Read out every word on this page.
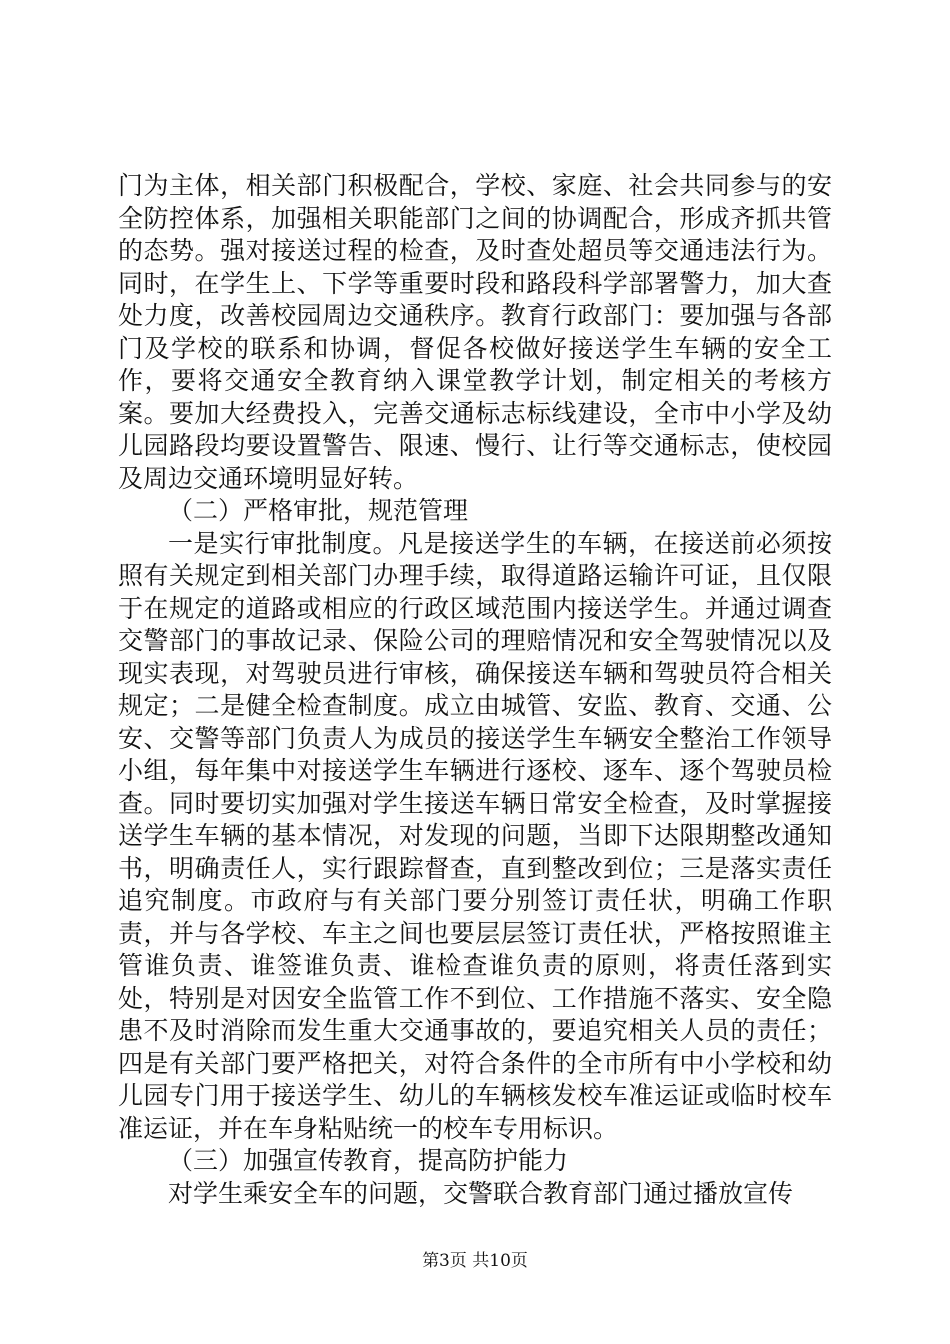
门为主体，相关部门积极配合，学校、家庭、社会共同参与的安全防控体系，加强相关职能部门之间的协调配合，形成齐抓共管的态势。强对接送过程的检查，及时查处超员等交通违法行为。同时，在学生上、下学等重要时段和路段科学部署警力，加大查处力度，改善校园周边交通秩序。教育行政部门：要加强与各部门及学校的联系和协调，督促各校做好接送学生车辆的安全工作，要将交通安全教育纳入课堂教学计划，制定相关的考核方案。要加大经费投入，完善交通标志标线建设，全市中小学及幼儿园路段均要设置警告、限速、慢行、让行等交通标志，使校园及周边交通环境明显好转。

（二）严格审批，规范管理

一是实行审批制度。凡是接送学生的车辆，在接送前必须按照有关规定到相关部门办理手续，取得道路运输许可证，且仅限于在规定的道路或相应的行政区域范围内接送学生。并通过调查交警部门的事故记录、保险公司的理赔情况和安全驾驶情况以及现实表现，对驾驶员进行审核，确保接送车辆和驾驶员符合相关规定；二是健全检查制度。成立由城管、安监、教育、交通、公安、交警等部门负责人为成员的接送学生车辆安全整治工作领导小组，每年集中对接送学生车辆进行逐校、逐车、逐个驾驶员检查。同时要切实加强对学生接送车辆日常安全检查，及时掌握接送学生车辆的基本情况，对发现的问题，当即下达限期整改通知书，明确责任人，实行跟踪督查，直到整改到位；三是落实责任追究制度。市政府与有关部门要分别签订责任状，明确工作职责，并与各学校、车主之间也要层层签订责任状，严格按照谁主管谁负责、谁签谁负责、谁检查谁负责的原则，将责任落到实处，特别是对因安全监管工作不到位、工作措施不落实、安全隐患不及时消除而发生重大交通事故的，要追究相关人员的责任；四是有关部门要严格把关，对符合条件的全市所有中小学校和幼儿园专门用于接送学生、幼儿的车辆核发校车准运证或临时校车准运证，并在车身粘贴统一的校车专用标识。

（三）加强宣传教育，提高防护能力

对学生乘安全车的问题，交警联合教育部门通过播放宣传

第3页 共10页
